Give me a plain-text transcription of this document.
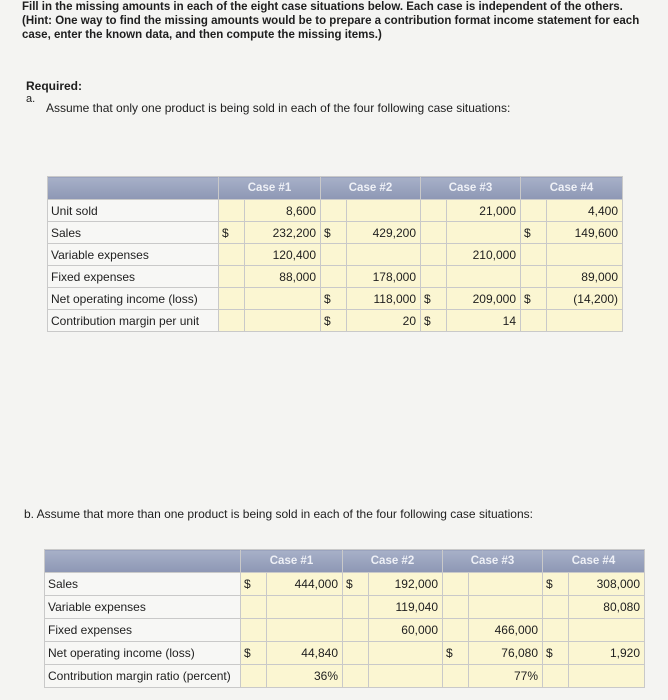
Fill in the missing amounts in each of the eight case situations below. Each case is independent of the others. (Hint: One way to find the missing amounts would be to prepare a contribution format income statement for each case, enter the known data, and then compute the missing items.)
Required:
a.
Assume that only one product is being sold in each of the four following case situations:
	Case #1		Case #2		Case #3		Case #4	
Unit sold		8,600				21,000		4,400
Sales	$	232,200	$	429,200			$	149,600
Variable expenses		120,400				210,000		
Fixed expenses		88,000		178,000				89,000
Net operating income (loss)			$	118,000	$	209,000	$	(14,200)
Contribution margin per unit			$	20	$	14		
b. Assume that more than one product is being sold in each of the four following case situations:
	Case #1		Case #2		Case #3		Case #4	
Sales	$	444,000	$	192,000			$	308,000
Variable expenses				119,040				80,080
Fixed expenses				60,000		466,000		
Net operating income (loss)	$	44,840			$	76,080	$	1,920
Contribution margin ratio (percent)		36%				77%		
